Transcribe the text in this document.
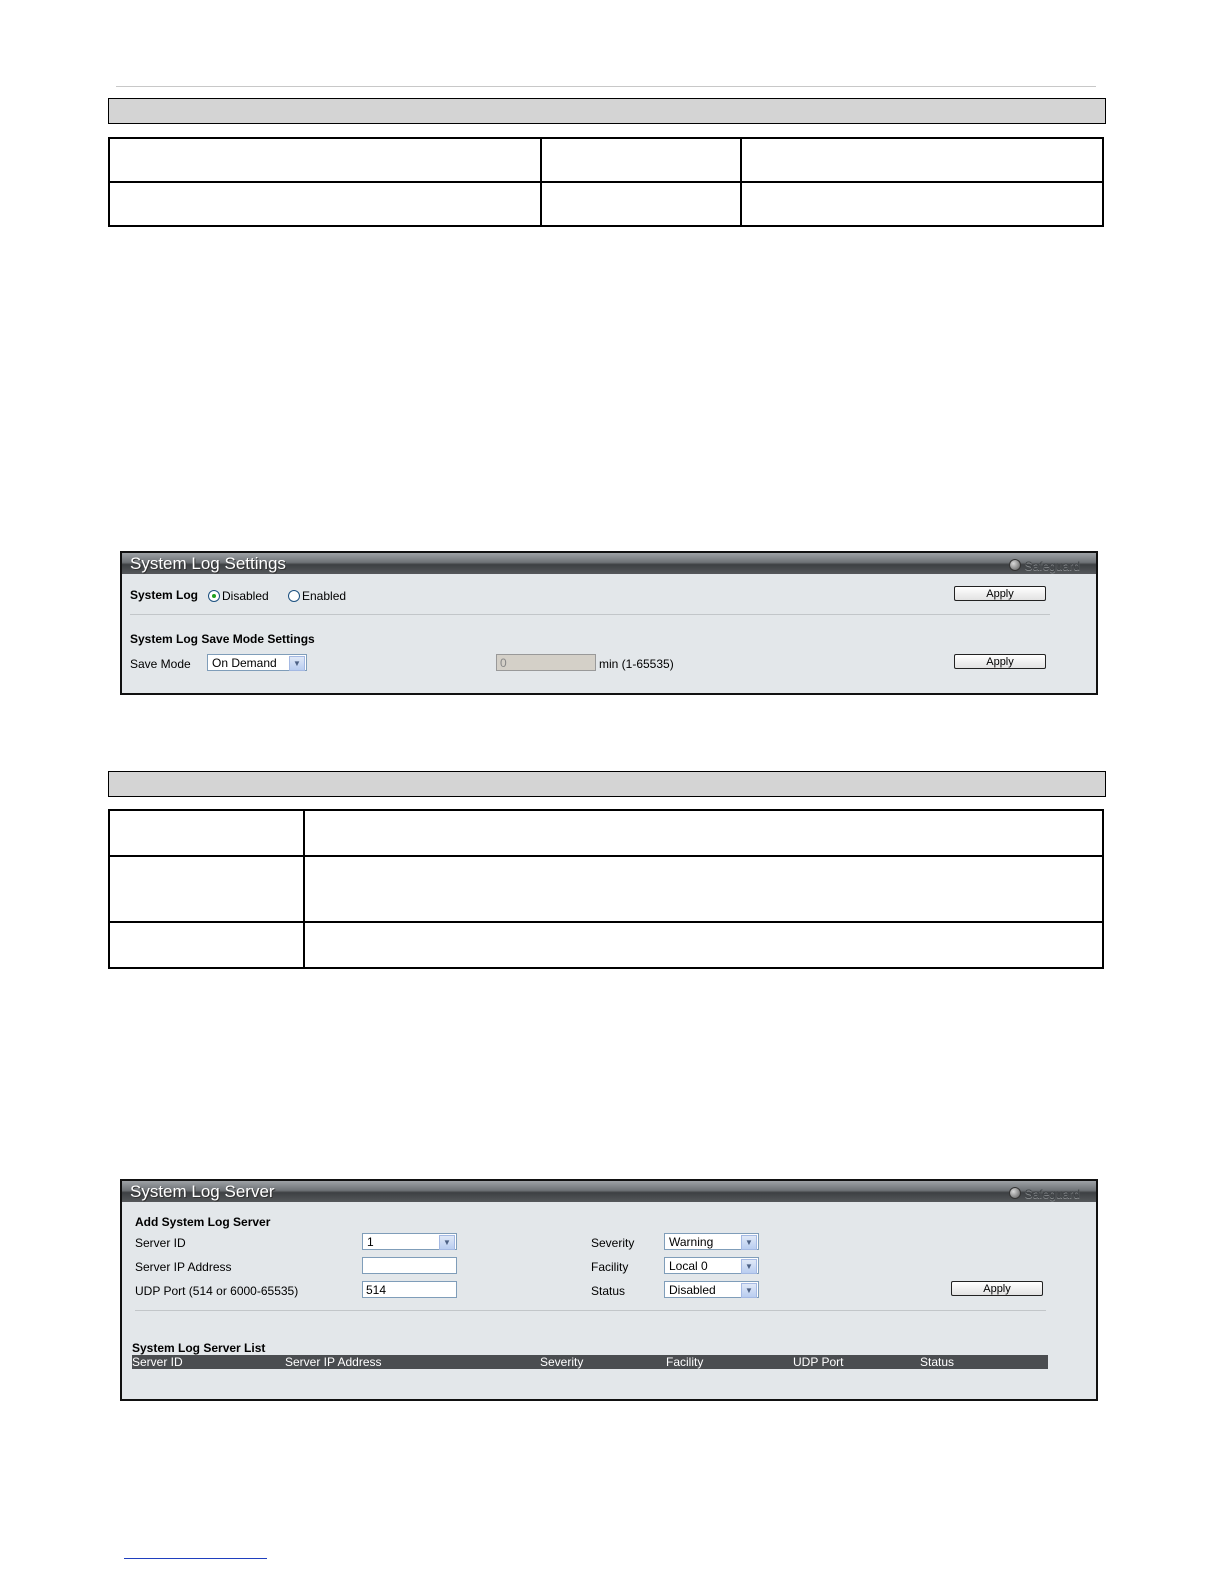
System Log Settings	Safeguard
System Log Disabled	Enabled	Apply
System Log Save Mode Settings
Save Mode	On Demand	▼	0	min (1-65535)	Apply

System Log Server	Safeguard
Add System Log Server
Server ID	1	▼
Server IP Address
UDP Port (514 or 6000-65535)	514
Severity	Warning	▼
Facility	Local 0	▼
Status	Disabled	▼	Apply
System Log Server List
Server ID	Server IP Address	Severity	Facility	UDP Port	Status
